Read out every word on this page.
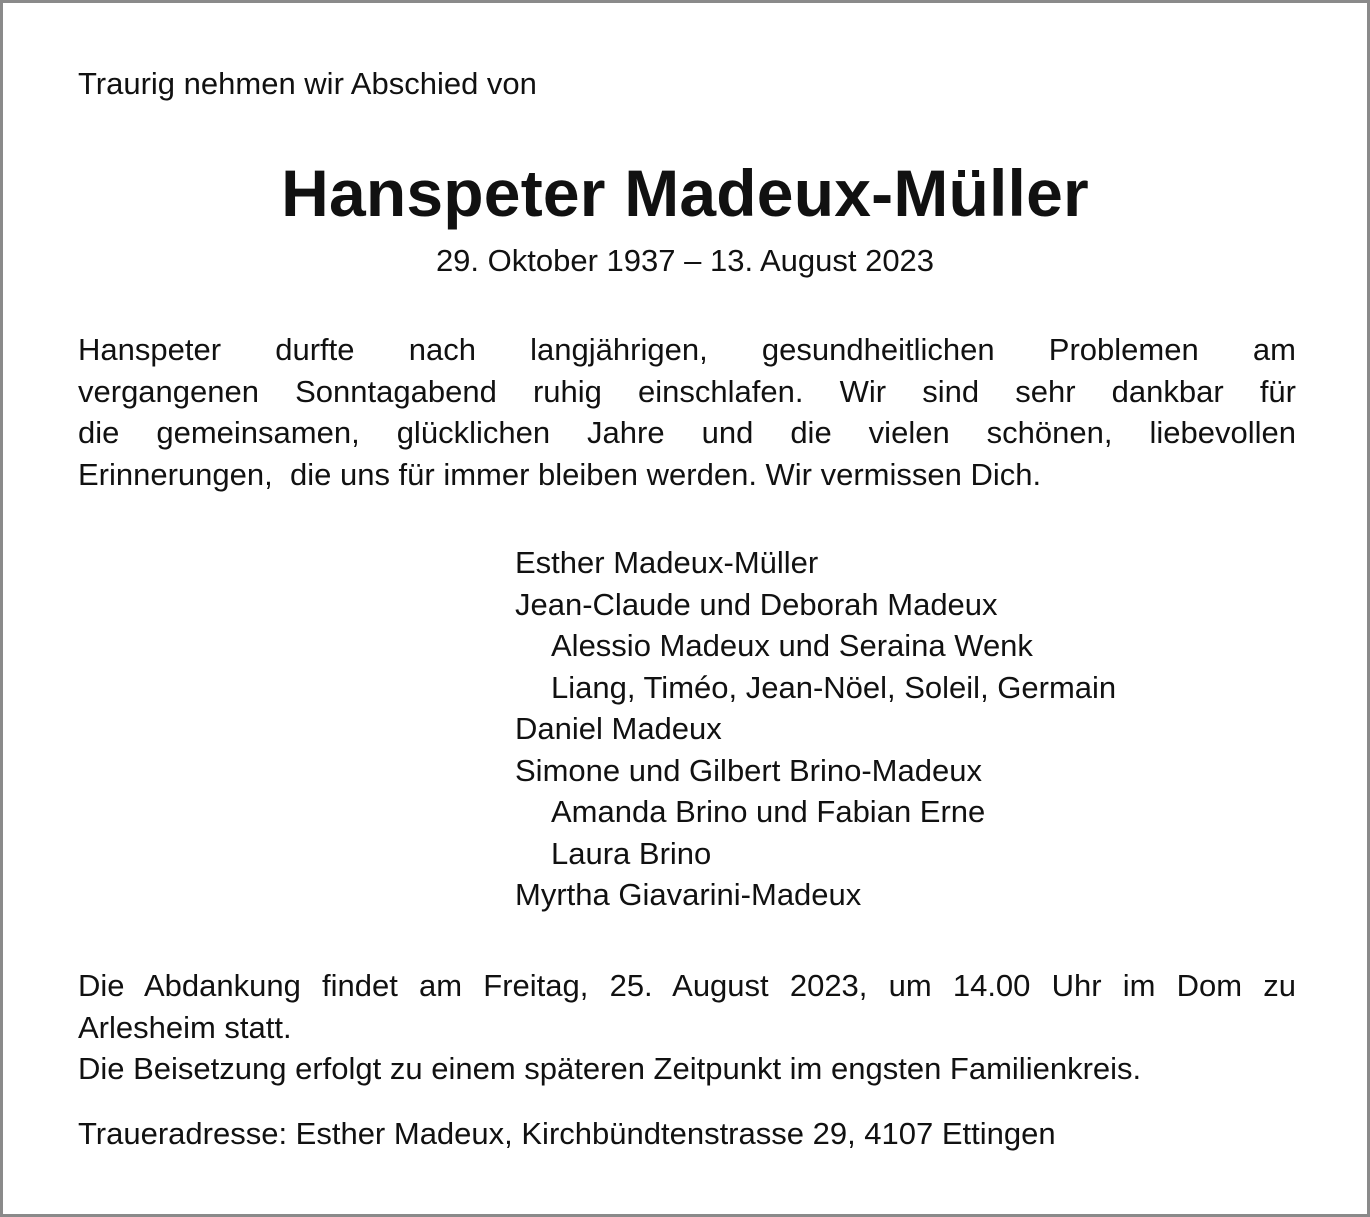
Traurig nehmen wir Abschied von
Hanspeter Madeux-Müller
29. Oktober 1937 – 13. August 2023
Hanspeter durfte nach langjährigen, gesundheitlichen Problemen am
vergangenen Sonntagabend ruhig einschlafen. Wir sind sehr dankbar für
die gemeinsamen, glücklichen Jahre und die vielen schönen, liebevollen
Erinnerungen,  die uns für immer bleiben werden. Wir vermissen Dich.
Esther Madeux-Müller
Jean-Claude und Deborah Madeux
Alessio Madeux und Seraina Wenk
Liang, Timéo, Jean-Nöel, Soleil, Germain
Daniel Madeux
Simone und Gilbert Brino-Madeux
Amanda Brino und Fabian Erne
Laura Brino
Myrtha Giavarini-Madeux
Die Abdankung findet am Freitag, 25. August 2023, um 14.00 Uhr im Dom zu
Arlesheim statt.
Die Beisetzung erfolgt zu einem späteren Zeitpunkt im engsten Familienkreis.
Traueradresse: Esther Madeux, Kirchbündtenstrasse 29, 4107 Ettingen
